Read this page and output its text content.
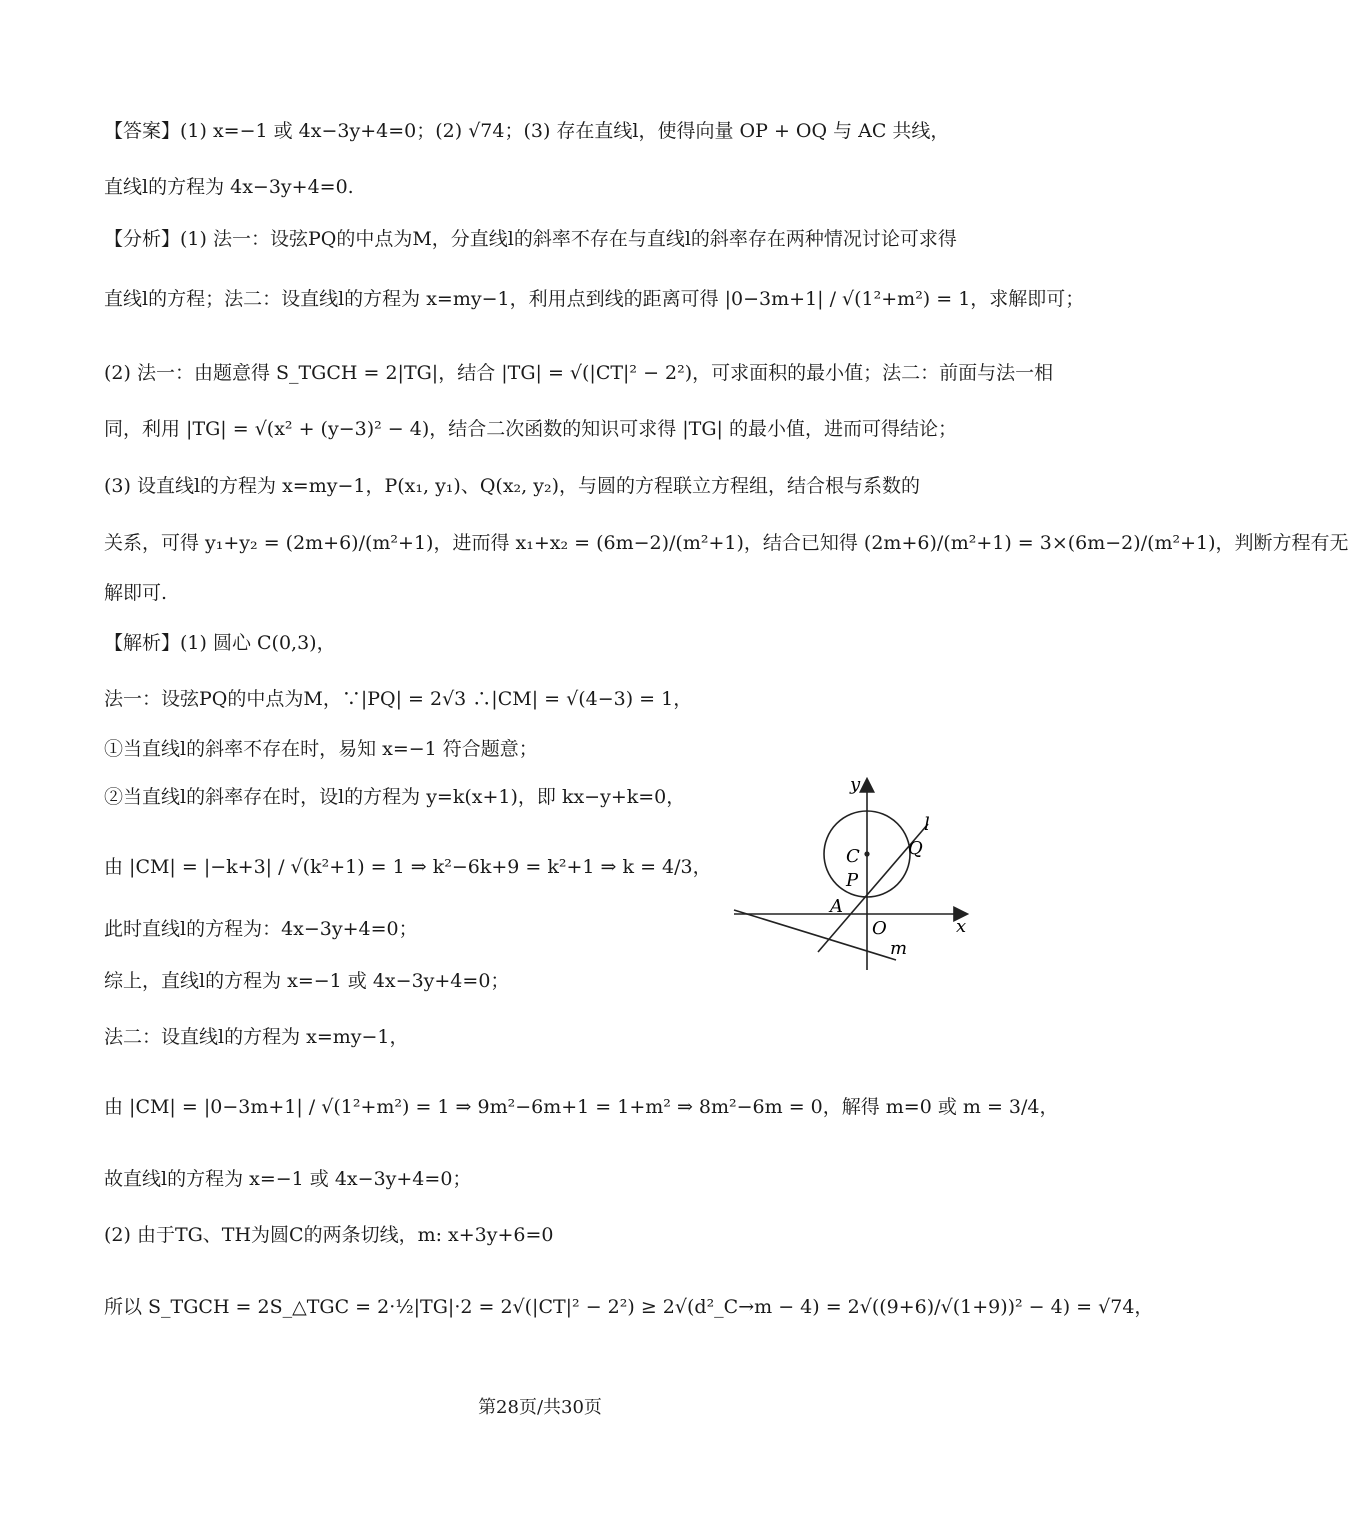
【答案】(1) x=−1 或 4x−3y+4=0；(2) √74；(3) 存在直线l，使得向量 OP + OQ 与 AC 共线，
直线l的方程为 4x−3y+4=0.
【分析】(1) 法一：设弦PQ的中点为M，分直线l的斜率不存在与直线l的斜率存在两种情况讨论可求得
直线l的方程；法二：设直线l的方程为 x=my−1，利用点到线的距离可得 |0−3m+1| / √(1²+m²) = 1，求解即可；
(2) 法一：由题意得 S_TGCH = 2|TG|，结合 |TG| = √(|CT|² − 2²)，可求面积的最小值；法二：前面与法一相
同，利用 |TG| = √(x² + (y−3)² − 4)，结合二次函数的知识可求得 |TG| 的最小值，进而可得结论；
(3) 设直线l的方程为 x=my−1，P(x₁, y₁)、Q(x₂, y₂)，与圆的方程联立方程组，结合根与系数的
关系，可得 y₁+y₂ = (2m+6)/(m²+1)，进而得 x₁+x₂ = (6m−2)/(m²+1)，结合已知得 (2m+6)/(m²+1) = 3×(6m−2)/(m²+1)，判断方程有无
解即可.
【解析】(1) 圆心 C(0,3)，
法一：设弦PQ的中点为M，∵|PQ| = 2√3 ∴|CM| = √(4−3) = 1，
①当直线l的斜率不存在时，易知 x=−1 符合题意；
②当直线l的斜率存在时，设l的方程为 y=k(x+1)，即 kx−y+k=0，
由 |CM| = |−k+3| / √(k²+1) = 1 ⇒ k²−6k+9 = k²+1 ⇒ k = 4/3，
此时直线l的方程为：4x−3y+4=0；
综上，直线l的方程为 x=−1 或 4x−3y+4=0；
法二：设直线l的方程为 x=my−1，
由 |CM| = |0−3m+1| / √(1²+m²) = 1 ⇒ 9m²−6m+1 = 1+m² ⇒ 8m²−6m = 0，解得 m=0 或 m = 3/4，
故直线l的方程为 x=−1 或 4x−3y+4=0；
(2) 由于TG、TH为圆C的两条切线，m: x+3y+6=0
所以 S_TGCH = 2S_△TGC = 2·½|TG|·2 = 2√(|CT|² − 2²) ≥ 2√(d²_C→m − 4) = 2√((9+6)/√(1+9))² − 4) = √74，
y
x
l
C	Q
P
A
O
m
第28页/共30页
